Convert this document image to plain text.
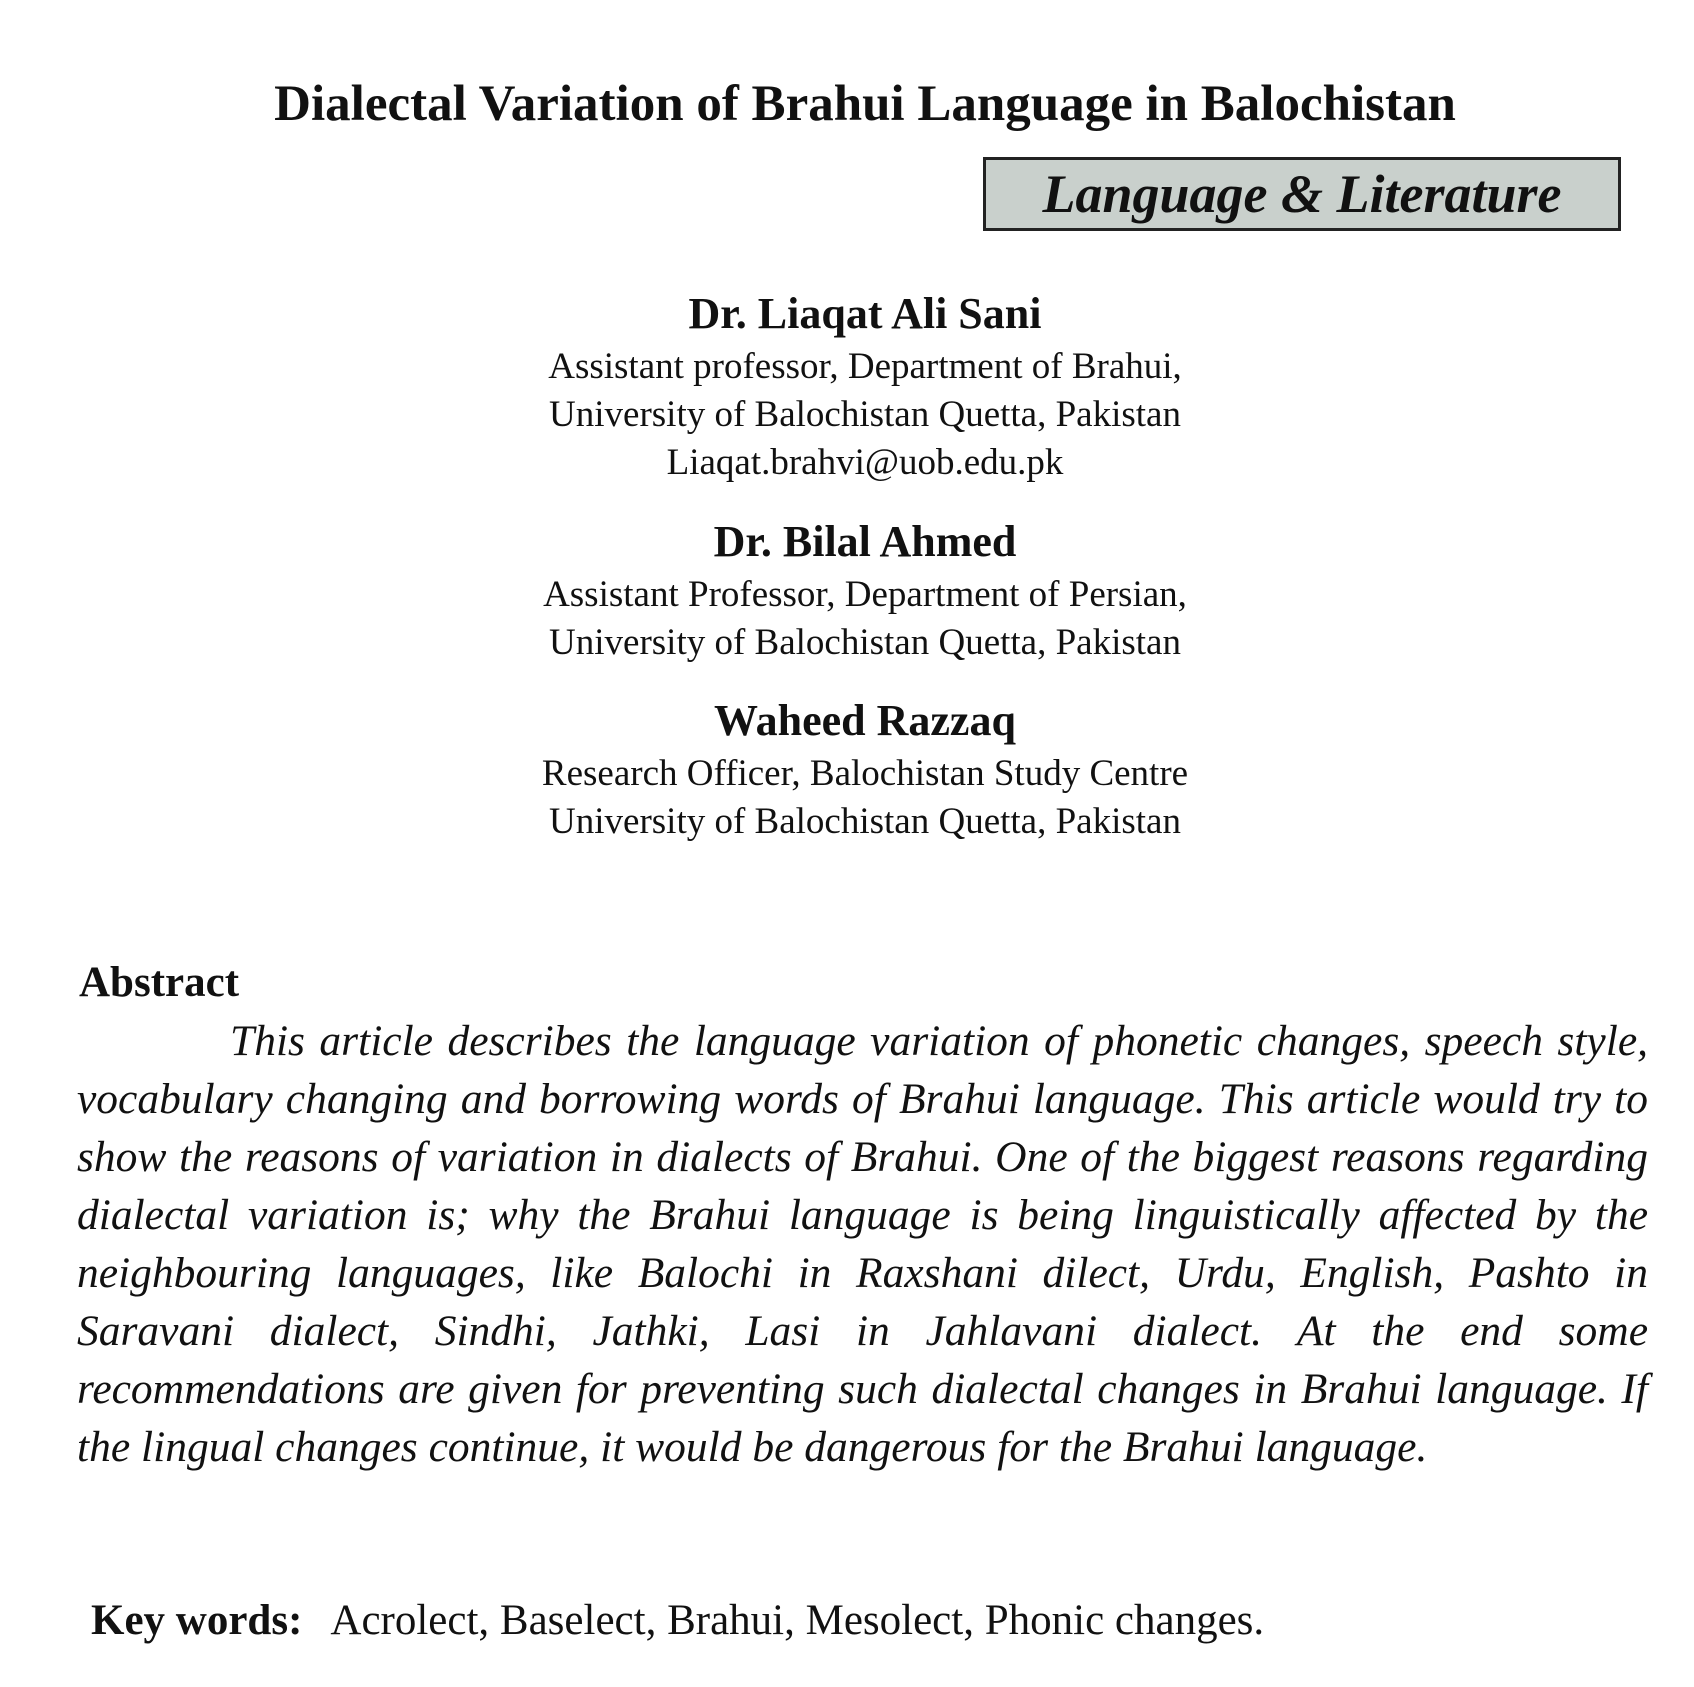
Dialectal Variation of Brahui Language in Balochistan
Language & Literature
Dr. Liaqat Ali Sani
Assistant professor, Department of Brahui,
University of Balochistan Quetta, Pakistan
Liaqat.brahvi@uob.edu.pk
Dr. Bilal Ahmed
Assistant Professor, Department of Persian,
University of Balochistan Quetta, Pakistan
Waheed Razzaq
Research Officer, Balochistan Study Centre
University of Balochistan Quetta, Pakistan
Abstract

This article describes the language variation of phonetic changes, speech style, vocabulary changing and borrowing words of Brahui language. This article would try to show the reasons of variation in dialects of Brahui. One of the biggest reasons regarding dialectal variation is; why the Brahui language is being linguistically affected by the neighbouring languages, like Balochi in Raxshani dilect, Urdu, English, Pashto in Saravani dialect, Sindhi, Jathki, Lasi in Jahlavani dialect. At the end some recommendations are given for preventing such dialectal changes in Brahui language. If the lingual changes continue, it would be dangerous for the Brahui language.

Key words: Acrolect, Baselect, Brahui, Mesolect, Phonic changes.
